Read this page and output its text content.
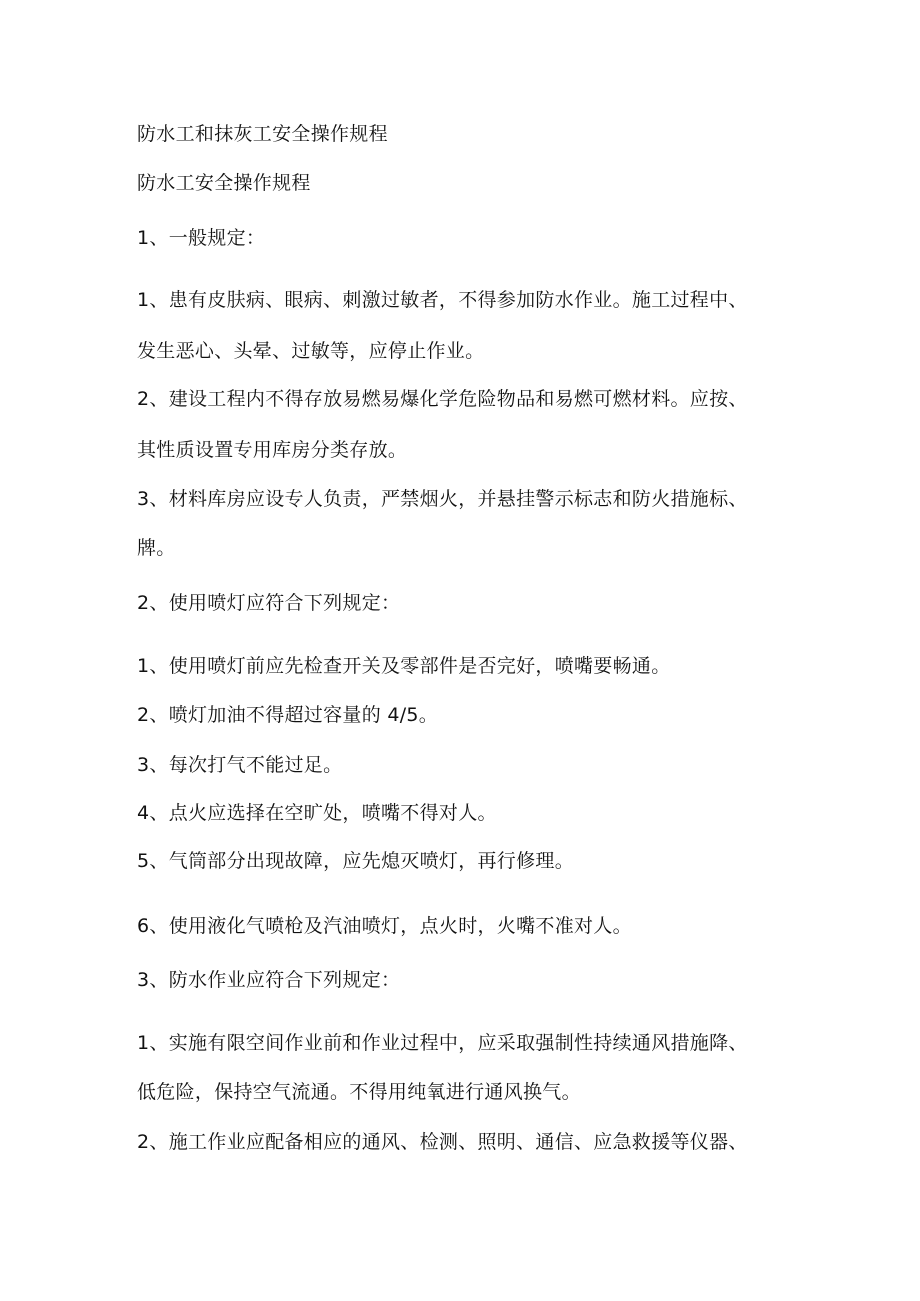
防水工和抹灰工安全操作规程
防水工安全操作规程
1、一般规定：
1、患有皮肤病、眼病、刺激过敏者，不得参加防水作业。施工过程中、
发生恶心、头晕、过敏等，应停止作业。
2、建设工程内不得存放易燃易爆化学危险物品和易燃可燃材料。应按、
其性质设置专用库房分类存放。
3、材料库房应设专人负责，严禁烟火，并悬挂警示标志和防火措施标、
牌。
2、使用喷灯应符合下列规定：
1、使用喷灯前应先检查开关及零部件是否完好，喷嘴要畅通。
2、喷灯加油不得超过容量的 4/5。
3、每次打气不能过足。
4、点火应选择在空旷处，喷嘴不得对人。
5、气筒部分出现故障，应先熄灭喷灯，再行修理。
6、使用液化气喷枪及汽油喷灯，点火时，火嘴不准对人。
3、防水作业应符合下列规定：
1、实施有限空间作业前和作业过程中，应采取强制性持续通风措施降、
低危险，保持空气流通。不得用纯氧进行通风换气。
2、施工作业应配备相应的通风、检测、照明、通信、应急救援等仪器、
